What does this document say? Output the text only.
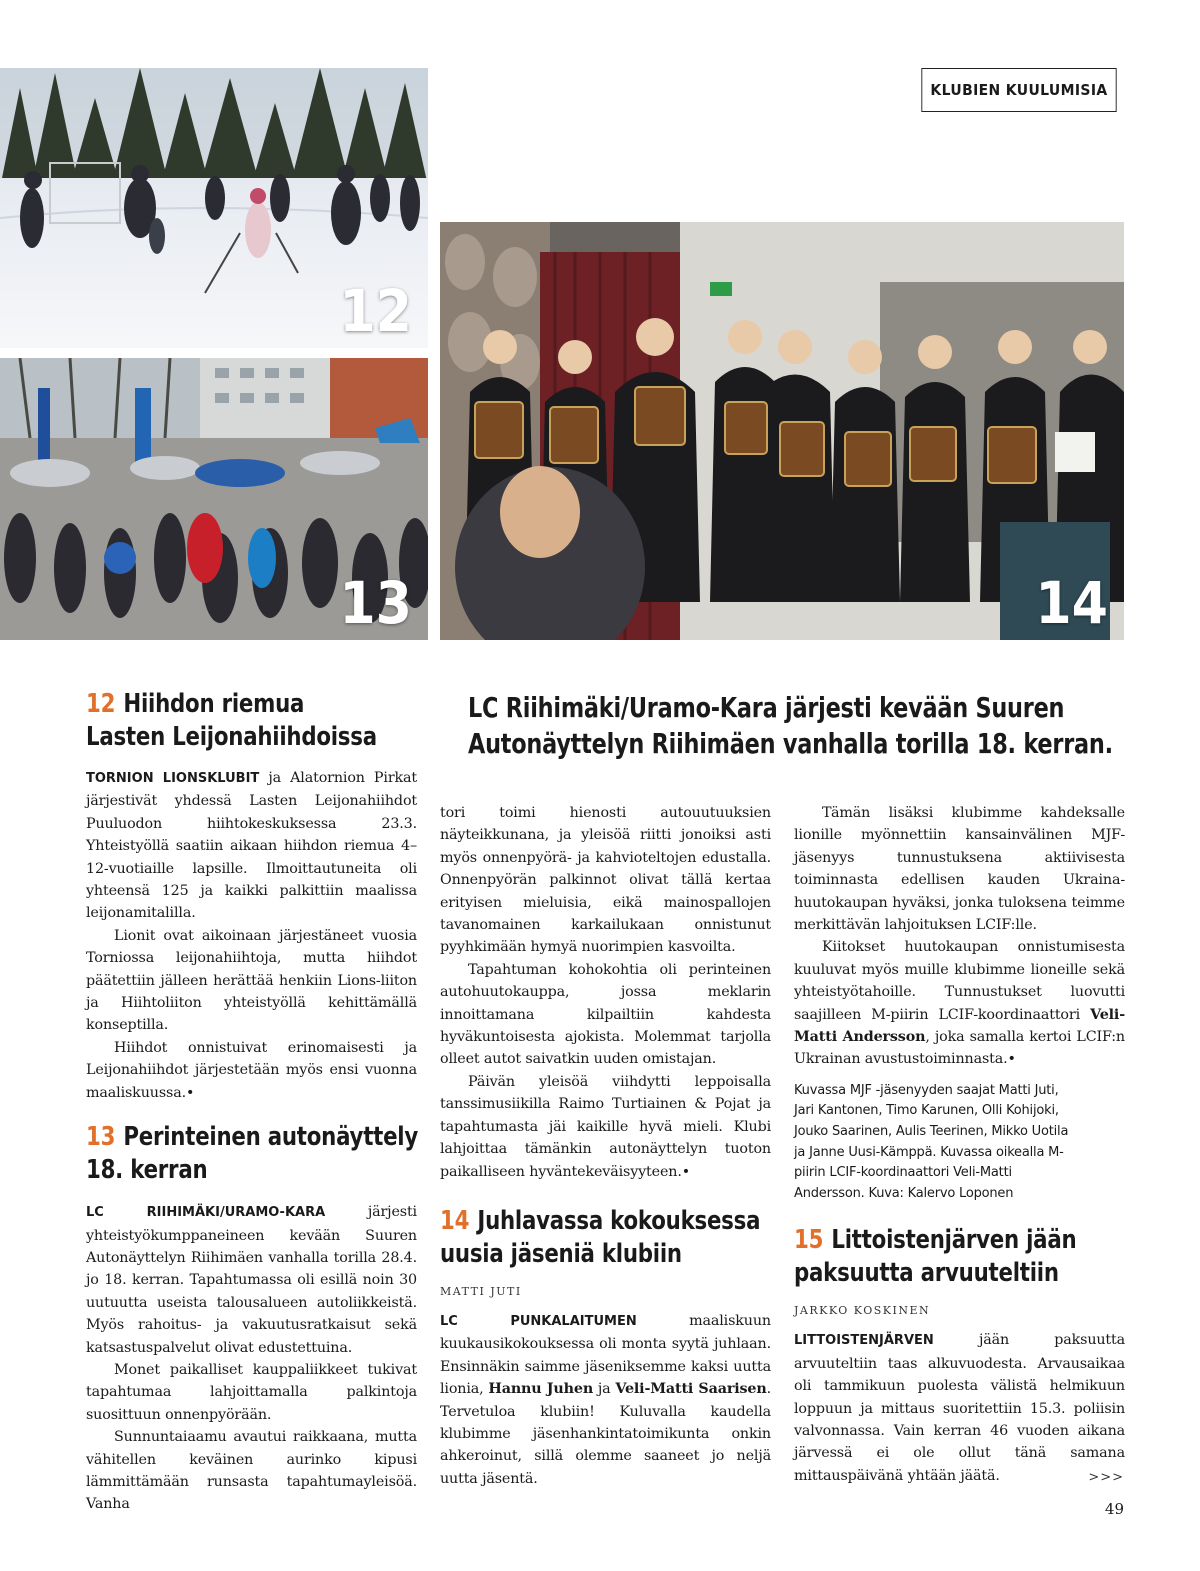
KLUBIEN KUULUMISIA
12
13	14
12 Hiihdon riemua
Lasten Leijonahiihdoissa
LC Riihimäki/Uramo-Kara järjesti kevään Suuren
Autonäyttelyn Riihimäen vanhalla torilla 18. kerran.

TORNION LIONSKLUBIT ja Alatornion Pirkat järjestivät yhdessä Lasten Leijonahiihdot Puuluodon hiihtokeskuksessa 23.3. Yhteistyöllä saatiin aikaan hiihdon riemua 4–12-vuotiaille lapsille. Ilmoittautuneita oli yhteensä 125 ja kaikki palkittiin maalissa leijonamitalilla.

Lionit ovat aikoinaan järjestäneet vuosia Torniossa leijonahiihtoja, mutta hiihdot päätettiin jälleen herättää henkiin Lions-liiton ja Hiihtoliiton yhteistyöllä kehittämällä konseptilla.

Hiihdot onnistuivat erinomaisesti ja Leijonahiihdot järjestetään myös ensi vuonna maaliskuussa.•

13 Perinteinen autonäyttely
18. kerran

LC RIIHIMÄKI/URAMO-KARA järjesti yhteistyökumppaneineen kevään Suuren Autonäyttelyn Riihimäen vanhalla torilla 28.4. jo 18. kerran. Tapahtumassa oli esillä noin 30 uutuutta useista talousalueen autoliikkeistä. Myös rahoitus- ja vakuutusratkaisut sekä katsastuspalvelut olivat edustettuina.

Monet paikalliset kauppaliikkeet tukivat tapahtumaa lahjoittamalla palkintoja suosittuun onnenpyörään.

Sunnuntaiaamu avautui raikkaana, mutta vähitellen keväinen aurinko kipusi lämmittämään runsasta tapahtumayleisöä. Vanha

tori toimi hienosti autouutuuksien näyteikkunana, ja yleisöä riitti jonoiksi asti myös onnenpyörä- ja kahvioteltojen edustalla. Onnenpyörän palkinnot olivat tällä kertaa erityisen mieluisia, eikä mainospallojen tavanomainen karkailukaan onnistunut pyyhkimään hymyä nuorimpien kasvoilta.

Tapahtuman kohokohtia oli perinteinen autohuutokauppa, jossa meklarin innoittamana kilpailtiin kahdesta hyväkuntoisesta ajokista. Molemmat tarjolla olleet autot saivatkin uuden omistajan.

Päivän yleisöä viihdytti leppoisalla tanssimusiikilla Raimo Turtiainen & Pojat ja tapahtumasta jäi kaikille hyvä mieli. Klubi lahjoittaa tämänkin autonäyttelyn tuoton paikalliseen hyväntekeväisyyteen.•

14 Juhlavassa kokouksessa
uusia jäseniä klubiin

MATTI JUTI

LC PUNKALAITUMEN maaliskuun kuukausikokouksessa oli monta syytä juhlaan. Ensinnäkin saimme jäseniksemme kaksi uutta lionia, Hannu Juhen ja Veli-Matti Saarisen. Tervetuloa klubiin! Kuluvalla kaudella klubimme jäsenhankintatoimikunta onkin ahkeroinut, sillä olemme saaneet jo neljä uutta jäsentä.

Tämän lisäksi klubimme kahdeksalle lionille myönnettiin kansainvälinen MJF-jäsenyys tunnustuksena aktiivisesta toiminnasta edellisen kauden Ukraina-huutokaupan hyväksi, jonka tuloksena teimme merkittävän lahjoituksen LCIF:lle.

Kiitokset huutokaupan onnistumisesta kuuluvat myös muille klubimme lioneille sekä yhteistyötahoille. Tunnustukset luovutti saajilleen M-piirin LCIF-koordinaattori Veli-Matti Andersson, joka samalla kertoi LCIF:n Ukrainan avustustoiminnasta.•

Kuvassa MJF -jäsenyyden saajat Matti Juti, Jari Kantonen, Timo Karunen, Olli Kohijoki, Jouko Saarinen, Aulis Teerinen, Mikko Uotila ja Janne Uusi-Kämppä. Kuvassa oikealla M-piirin LCIF-koordinaattori Veli-Matti Andersson. Kuva: Kalervo Loponen

15 Littoistenjärven jään
paksuutta arvuuteltiin

JARKKO KOSKINEN

LITTOISTENJÄRVEN jään paksuutta arvuuteltiin taas alkuvuodesta. Arvausaikaa oli tammikuun puolesta välistä helmikuun loppuun ja mittaus suoritettiin 15.3. poliisin valvonnassa. Vain kerran 46 vuoden aikana järvessä ei ole ollut tänä samana mittauspäivänä yhtään jäätä.	>>>
49
